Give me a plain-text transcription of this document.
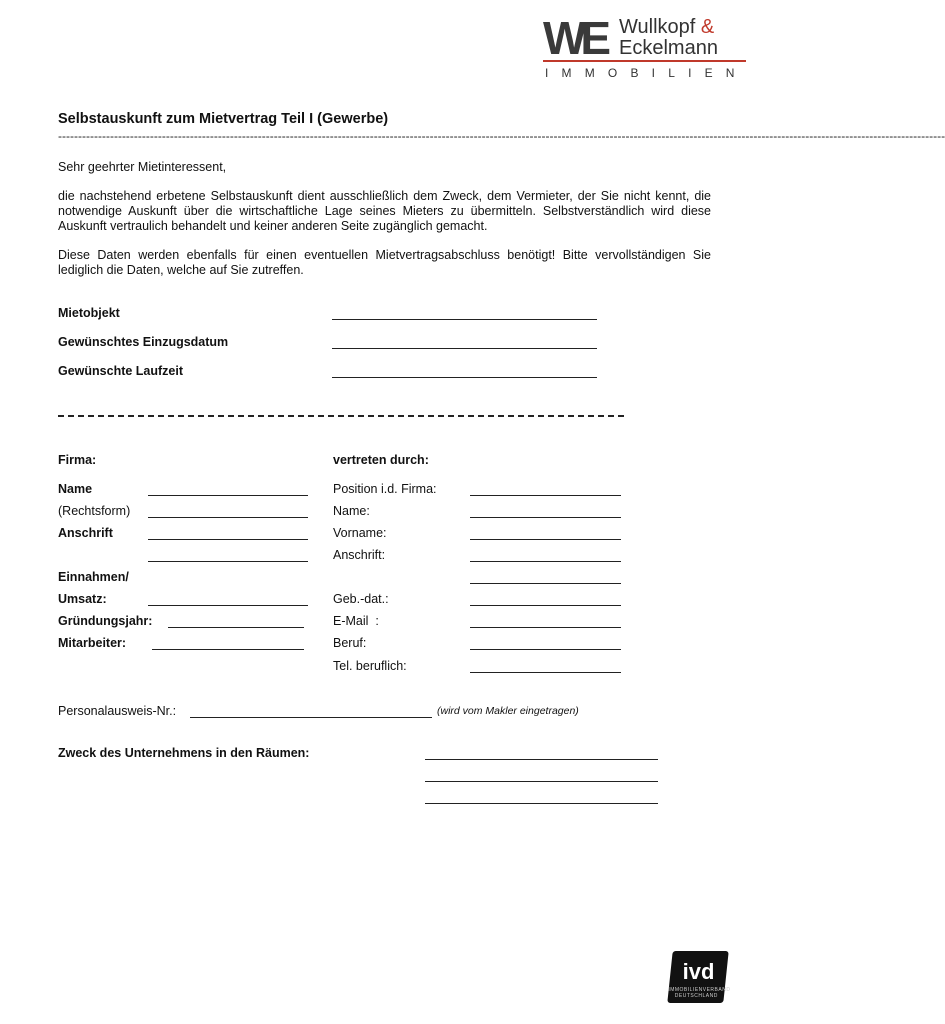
WE Wullkopf &
Eckelmann
IMMOBILIEN
Selbstauskunft zum Mietvertrag Teil I (Gewerbe)
------------------------------------------------------------------------------------------------------------------------------------------------------------------------------------------------------------------------------
Sehr geehrter Mietinteressent,
die nachstehend erbetene Selbstauskunft dient ausschließlich dem Zweck, dem Vermieter, der Sie nicht kennt, die notwendige Auskunft über die wirtschaftliche Lage seines Mieters zu übermitteln. Selbstverständlich wird diese Auskunft vertraulich behandelt und keiner anderen Seite zugänglich gemacht.
Diese Daten werden ebenfalls für einen eventuellen Mietvertragsabschluss benötigt! Bitte vervollständigen Sie lediglich die Daten, welche auf Sie zutreffen.
Mietobjekt
Gewünschtes Einzugsdatum
Gewünschte Laufzeit
Firma:
Name
(Rechtsform)
Anschrift
Einnahmen/
Umsatz:
Gründungsjahr:
Mitarbeiter:
vertreten durch:
Position i.d. Firma:
Name:
Vorname:
Anschrift:
Geb.-dat.:
E-Mail  :
Beruf:
Tel. beruflich:
Personalausweis-Nr.:	(wird vom Makler eingetragen)
Zweck des Unternehmens in den Räumen:
ivd
IMMOBILIENVERBAND DEUTSCHLAND
